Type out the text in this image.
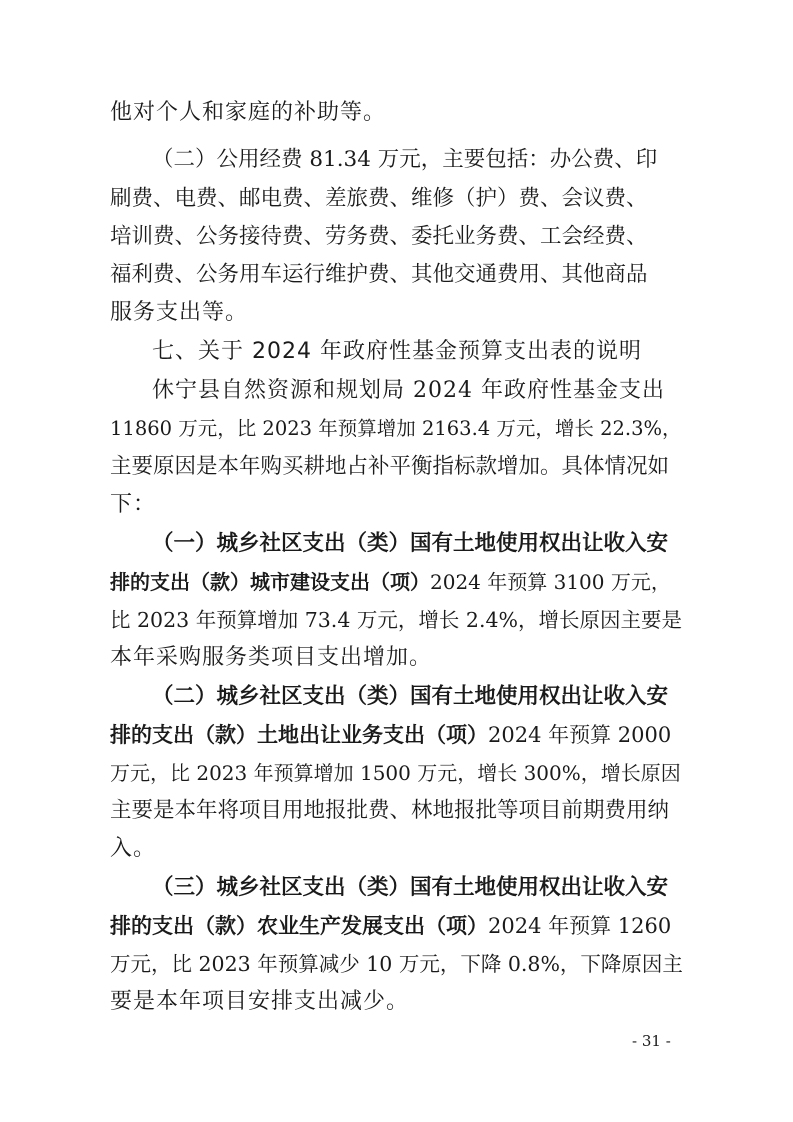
他对个人和家庭的补助等。
（二）公用经费 81.34 万元，主要包括：办公费、印
刷费、电费、邮电费、差旅费、维修（护）费、会议费、
培训费、公务接待费、劳务费、委托业务费、工会经费、
福利费、公务用车运行维护费、其他交通费用、其他商品
服务支出等。
七、关于 2024 年政府性基金预算支出表的说明
休宁县自然资源和规划局 2024 年政府性基金支出
11860 万元，比 2023 年预算增加 2163.4 万元，增长 22.3%，
主要原因是本年购买耕地占补平衡指标款增加。具体情况如
下：
（一）城乡社区支出（类）国有土地使用权出让收入安
排的支出（款）城市建设支出（项）2024 年预算 3100 万元，
比 2023 年预算增加 73.4 万元，增长 2.4%，增长原因主要是
本年采购服务类项目支出增加。
（二）城乡社区支出（类）国有土地使用权出让收入安
排的支出（款）土地出让业务支出（项）2024 年预算 2000
万元，比 2023 年预算增加 1500 万元，增长 300%，增长原因
主要是本年将项目用地报批费、林地报批等项目前期费用纳
入。
（三）城乡社区支出（类）国有土地使用权出让收入安
排的支出（款）农业生产发展支出（项）2024 年预算 1260
万元，比 2023 年预算减少 10 万元，下降 0.8%，下降原因主
要是本年项目安排支出减少。
- 31 -
